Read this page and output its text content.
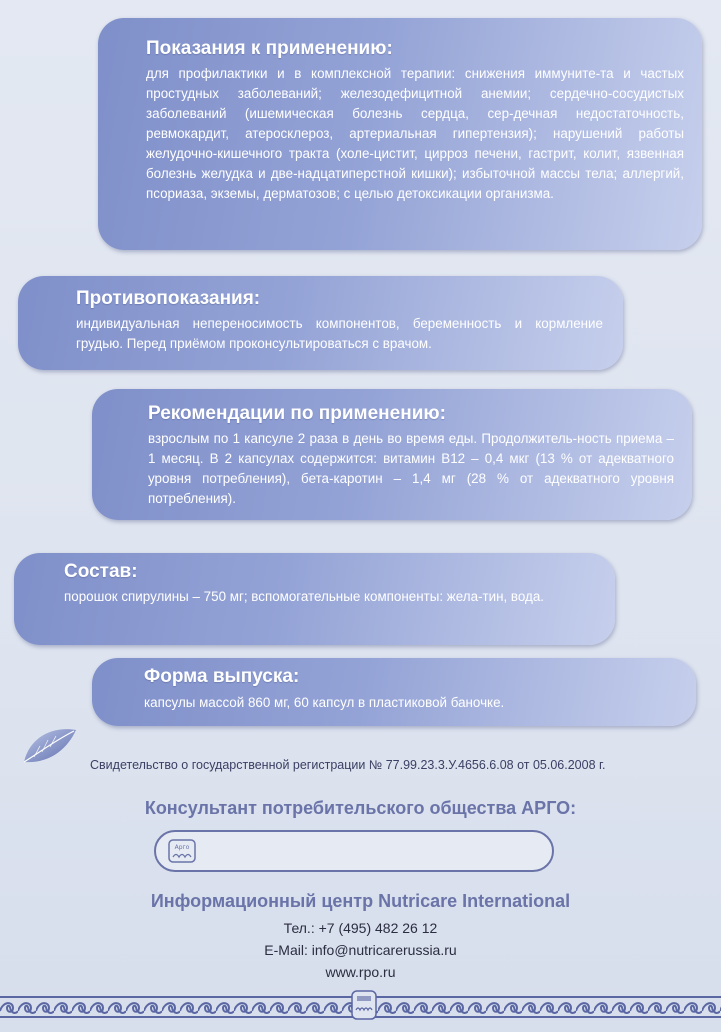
Показания к применению:

для профилактики и в комплексной терапии: снижения иммуните-та и частых простудных заболеваний; железодефицитной анемии; сердечно-сосудистых заболеваний (ишемическая болезнь сердца, сер-дечная недостаточность, ревмокардит, атеросклероз, артериальная гипертензия); нарушений работы желудочно-кишечного тракта (холе-цистит, цирроз печени, гастрит, колит, язвенная болезнь желудка и две-надцатиперстной кишки); избыточной массы тела; аллергий, псориаза, экземы, дерматозов; с целью детоксикации организма.

Противопоказания:

индивидуальная непереносимость компонентов, беременность и кормление грудью. Перед приёмом проконсультироваться с врачом.

Рекомендации по применению:

взрослым по 1 капсуле 2 раза в день во время еды. Продолжитель-ность приема – 1 месяц. В 2 капсулах содержится: витамин B12 – 0,4 мкг (13 % от адекватного уровня потребления), бета-каротин – 1,4 мг (28 % от адекватного уровня потребления).

Состав:

порошок спирулины – 750 мг; вспомогательные компоненты: жела-тин, вода.

Форма выпуска:

капсулы массой 860 мг, 60 капсул в пластиковой баночке.

Свидетельство о государственной регистрации № 77.99.23.3.У.4656.6.08 от 05.06.2008 г.
Консультант потребительского общества АРГО:
Арго
Информационный центр Nutricare International
Тел.: +7 (495) 482 26 12
E-Mail: info@nutricarerussia.ru
www.rpo.ru
